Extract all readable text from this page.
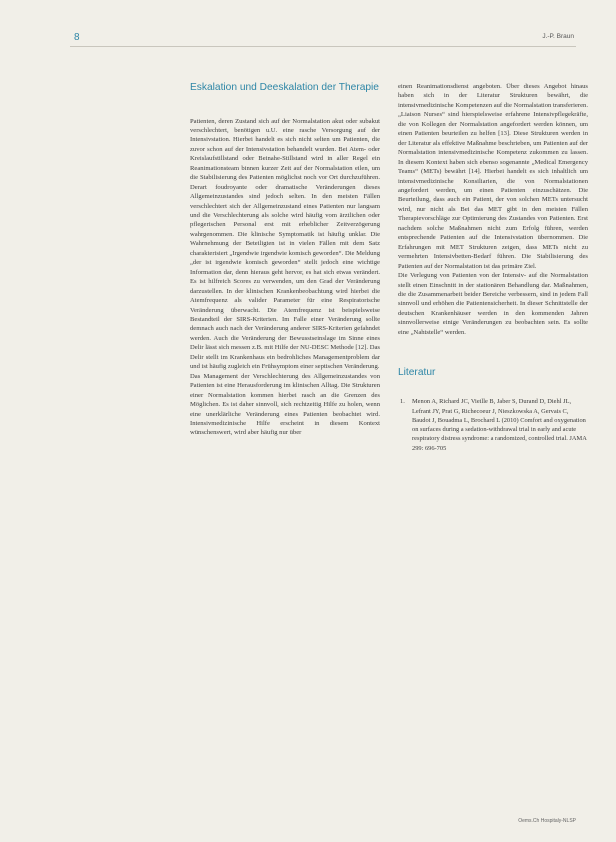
8	J.-P. Braun
Eskalation und Deeskalation der Therapie

Patienten, deren Zustand sich auf der Normalstation akut oder subakut verschlechtert, benötigen u.U. eine rasche Versorgung auf der Intensivstation. Hierbei handelt es sich nicht selten um Patienten, die zuvor schon auf der Intensivstation behandelt wurden. Bei Atem- oder Kreislaufstillstand oder Beinahe-Stillstand wird in aller Regel ein Reanimationsteam binnen kurzer Zeit auf der Normalstation eilen, um die Stabilisierung des Patienten möglichst noch vor Ort durchzuführen. Derart foudroyante oder dramatische Veränderungen dieses Allgemeinzustandes sind jedoch selten. In den meisten Fällen verschlechtert sich der Allgemeinzustand eines Patienten nur langsam und die Verschlechterung als solche wird häufig vom ärztlichen oder pflegerischen Personal erst mit erheblicher Zeitverzögerung wahrgenommen. Die klinische Symptomatik ist häufig unklar. Die Wahrnehmung der Beteiligten ist in vielen Fällen mit dem Satz charakterisiert „Irgendwie irgendwie komisch geworden“. Die Meldung „der ist irgendwie komisch geworden“ stellt jedoch eine wichtige Information dar, denn hieraus geht hervor, es hat sich etwas verändert. Es ist hilfreich Scores zu verwenden, um den Grad der Veränderung darzustellen. In der klinischen Krankenbeobachtung wird hierbei die Atemfrequenz als valider Parameter für eine Respiratorische Veränderung überwacht. Die Atemfrequenz ist beispielsweise Bestandteil der SIRS-Kriterien. Im Falle einer Veränderung sollte demnach auch nach der Veränderung anderer SIRS-Kriterien gefahndet werden. Auch die Veränderung der Bewusstseinslage im Sinne eines Delir lässt sich messen z.B. mit Hilfe der NU-DESC Methode [12]. Das Delir stellt im Krankenhaus ein bedrohliches Managementproblem dar und ist häufig zugleich ein Frühsymptom einer septischen Veränderung.

Das Management der Verschlechterung des Allgemeinzustandes von Patienten ist eine Herausforderung im klinischen Alltag. Die Strukturen einer Normalstation kommen hierbei rasch an die Grenzen des Möglichen. Es ist daher sinnvoll, sich rechtzeitig Hilfe zu holen, wenn eine unerklärliche Veränderung eines Patienten beobachtet wird. Intensivmedizinische Hilfe erscheint in diesem Kontext wünschenswert, wird aber häufig nur über

einen Reanimationsdienst angeboten. Über dieses Angebot hinaus haben sich in der Literatur Strukturen bewährt, die intensivmedizinische Kompetenzen auf die Normalstation transferieren. „Liaison Nurses“ sind hierspielsweise erfahrene Intensivpflegekräfte, die von Kollegen der Normalstation angefordert werden können, um einen Patienten beurteilen zu helfen [13]. Diese Strukturen werden in der Literatur als effektive Maßnahme beschrieben, um Patienten auf der Normalstation intensivmedizinische Kompetenz zukommen zu lassen. In diesem Kontext haben sich ebenso sogenannte „Medical Emergency Teams“ (METs) bewährt [14]. Hierbei handelt es sich inhaltlich um intensivmedizinische Konsiliarien, die von Normalstationen angefordert werden, um einen Patienten einzuschätzen. Die Beurteilung, dass auch ein Patient, der von solchen METs untersucht wird, nur nicht als Bei das MET gibt in den meisten Fällen Therapievorschläge zur Optimierung des Zustandes von Patienten. Erst nachdem solche Maßnahmen nicht zum Erfolg führen, werden entsprechende Patienten auf die Intensivstation übernommen. Die Erfahrungen mit MET Strukturen zeigen, dass METs nicht zu vermehrten Intensivbetten-Bedarf führen. Die Stabilisierung des Patienten auf der Normalstation ist das primäre Ziel.

Die Verlegung von Patienten von der Intensiv- auf die Normalstation stellt einen Einschnitt in der stationären Behandlung dar. Maßnahmen, die die Zusammenarbeit beider Bereiche verbessern, sind in jedem Fall sinnvoll und erhöhen die Patientensicherheit. In dieser Schnittstelle der deutschen Krankenhäuser werden in den kommenden Jahren sinnvollerweise einige Veränderungen zu beobachten sein. Es sollte eine „Nahtstelle“ werden.

Literatur
1.	Menon A, Richard JC, Vieille B, Jaber S, Durand D, Diehl JL, Lefrant JY, Prat G, Richecoeur J, Nieszkowska A, Gervais C, Baudot J, Bouadma L, Brochard L (2010) Comfort and oxygenation on surfaces during a sedation-withdrawal trial in early and acute respiratory distress syndrome: a randomized, controlled trial. JAMA 299: 696-705
Oems.Ch Hospitaly-NLSP
